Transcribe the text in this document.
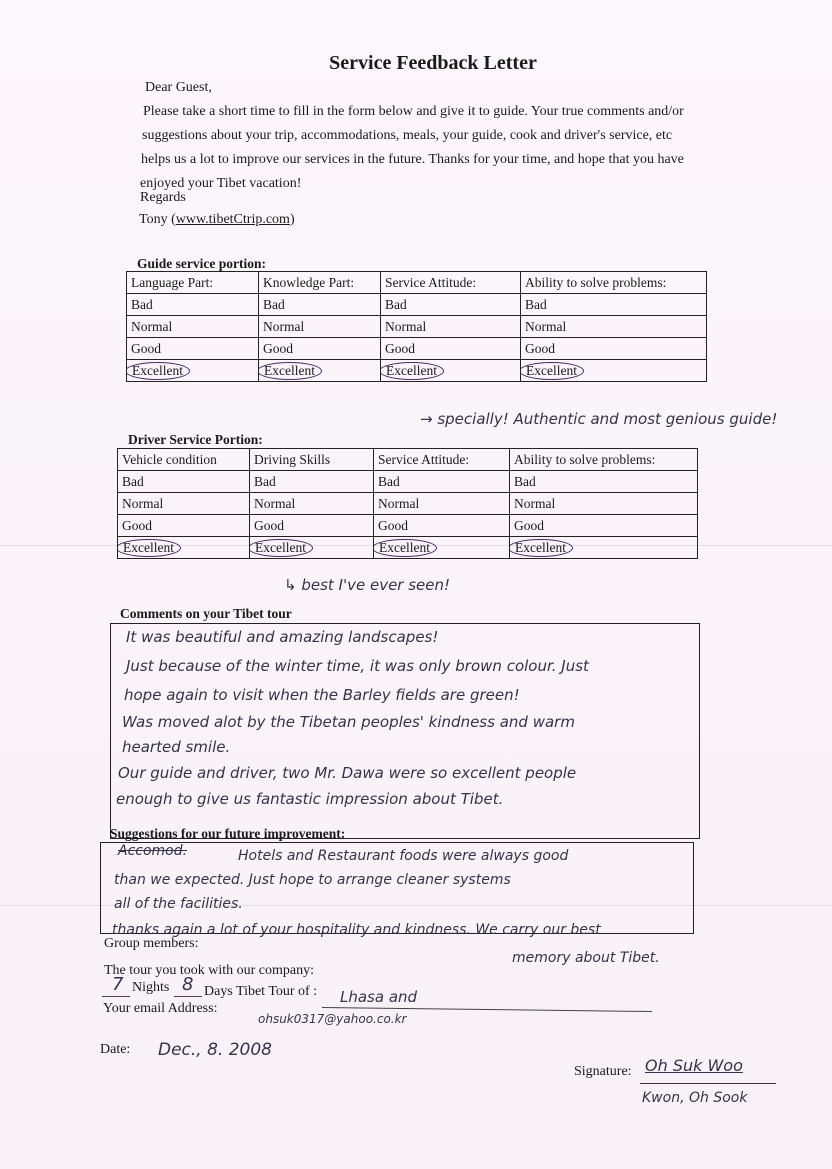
Service Feedback Letter
Dear Guest,
Please take a short time to fill in the form below and give it to guide. Your true comments and/or
suggestions about your trip, accommodations, meals, your guide, cook and driver's service, etc
helps us a lot to improve our services in the future. Thanks for your time, and hope that you have
enjoyed your Tibet vacation!
Regards
Tony (www.tibetCtrip.com)
Guide service portion:
Language Part:	Knowledge Part:	Service Attitude:	Ability to solve problems:
Bad	Bad	Bad	Bad
Normal	Normal	Normal	Normal
Good	Good	Good	Good
Excellent	Excellent	Excellent	Excellent
→ specially! Authentic and most genious guide!
Driver Service Portion:
Vehicle condition	Driving Skills	Service Attitude:	Ability to solve problems:
Bad	Bad	Bad	Bad
Normal	Normal	Normal	Normal
Good	Good	Good	Good
Excellent	Excellent	Excellent	Excellent
↳ best I've ever seen!
Comments on your Tibet tour
It was beautiful and amazing landscapes!
Just because of the winter time, it was only brown colour. Just
hope again to visit when the Barley fields are green!
Was moved alot by the Tibetan peoples' kindness and warm
hearted smile.
Our guide and driver, two Mr. Dawa were so excellent people
enough to give us fantastic impression about Tibet.
Suggestions for our future improvement:
Accomod.	Hotels and Restaurant foods were always good
than we expected. Just hope to arrange cleaner systems
all of the facilities.
thanks again a lot of your hospitality and kindness. We carry our best
memory about Tibet.
Group members:
The tour you took with our company:
7 Nights 8 Days Tibet Tour of : Lhasa and
Your email Address:
ohsuk0317@yahoo.co.kr
Date: Dec., 8. 2008
Signature: Oh Suk Woo
Kwon, Oh Sook
